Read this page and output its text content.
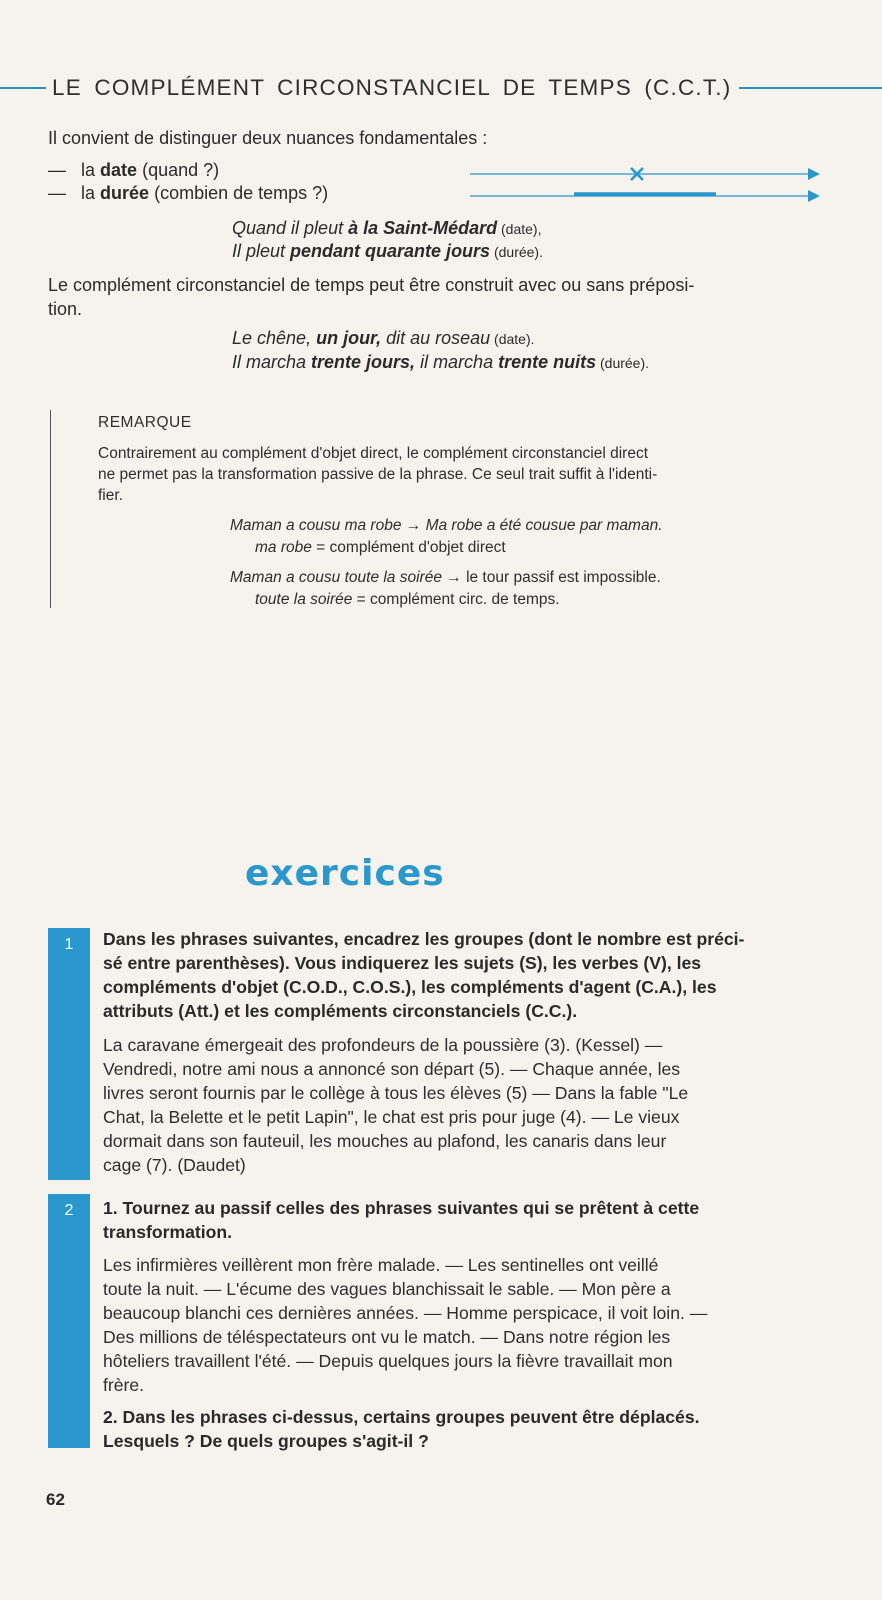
LE COMPLÉMENT CIRCONSTANCIEL DE TEMPS (C.C.T.)
Il convient de distinguer deux nuances fondamentales :
— la date (quand ?)
— la durée (combien de temps ?)
Quand il pleut à la Saint-Médard (date),
Il pleut pendant quarante jours (durée).
Le complément circonstanciel de temps peut être construit avec ou sans préposi-
tion.
Le chêne, un jour, dit au roseau (date).
Il marcha trente jours, il marcha trente nuits (durée).
REMARQUE
Contrairement au complément d'objet direct, le complément circonstanciel direct
ne permet pas la transformation passive de la phrase. Ce seul trait suffit à l'identi-
fier.
Maman a cousu ma robe → Ma robe a été cousue par maman.
ma robe = complément d'objet direct
Maman a cousu toute la soirée → le tour passif est impossible.
toute la soirée = complément circ. de temps.
exercices
1	Dans les phrases suivantes, encadrez les groupes (dont le nombre est préci-
sé entre parenthèses). Vous indiquerez les sujets (S), les verbes (V), les
compléments d'objet (C.O.D., C.O.S.), les compléments d'agent (C.A.), les
attributs (Att.) et les compléments circonstanciels (C.C.).
La caravane émergeait des profondeurs de la poussière (3). (Kessel) —
Vendredi, notre ami nous a annoncé son départ (5). — Chaque année, les
livres seront fournis par le collège à tous les élèves (5) — Dans la fable "Le
Chat, la Belette et le petit Lapin", le chat est pris pour juge (4). — Le vieux
dormait dans son fauteuil, les mouches au plafond, les canaris dans leur
cage (7). (Daudet)
2	1. Tournez au passif celles des phrases suivantes qui se prêtent à cette
transformation.
Les infirmières veillèrent mon frère malade. — Les sentinelles ont veillé
toute la nuit. — L'écume des vagues blanchissait le sable. — Mon père a
beaucoup blanchi ces dernières années. — Homme perspicace, il voit loin. —
Des millions de téléspectateurs ont vu le match. — Dans notre région les
hôteliers travaillent l'été. — Depuis quelques jours la fièvre travaillait mon
frère.
2. Dans les phrases ci-dessus, certains groupes peuvent être déplacés.
Lesquels ? De quels groupes s'agit-il ?
62
